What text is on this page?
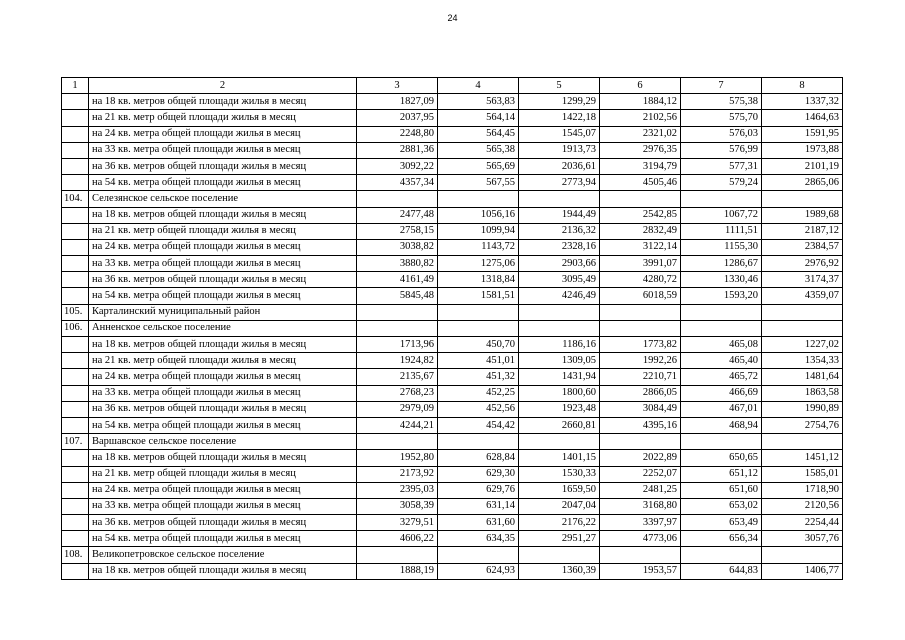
24
1	2	3	4	5	6	7	8
	на 18 кв. метров общей площади жилья в месяц	1827,09	563,83	1299,29	1884,12	575,38	1337,32
	на 21 кв. метр общей площади жилья в месяц	2037,95	564,14	1422,18	2102,56	575,70	1464,63
	на 24 кв. метра общей площади жилья в месяц	2248,80	564,45	1545,07	2321,02	576,03	1591,95
	на 33 кв. метра общей площади жилья в месяц	2881,36	565,38	1913,73	2976,35	576,99	1973,88
	на 36 кв. метров общей площади жилья в месяц	3092,22	565,69	2036,61	3194,79	577,31	2101,19
	на 54 кв. метра общей площади жилья в месяц	4357,34	567,55	2773,94	4505,46	579,24	2865,06
104.	Селезянское сельское поселение						
	на 18 кв. метров общей площади жилья в месяц	2477,48	1056,16	1944,49	2542,85	1067,72	1989,68
	на 21 кв. метр общей площади жилья в месяц	2758,15	1099,94	2136,32	2832,49	1111,51	2187,12
	на 24 кв. метра общей площади жилья в месяц	3038,82	1143,72	2328,16	3122,14	1155,30	2384,57
	на 33 кв. метра общей площади жилья в месяц	3880,82	1275,06	2903,66	3991,07	1286,67	2976,92
	на 36 кв. метров общей площади жилья в месяц	4161,49	1318,84	3095,49	4280,72	1330,46	3174,37
	на 54 кв. метра общей площади жилья в месяц	5845,48	1581,51	4246,49	6018,59	1593,20	4359,07
105.	Карталинский муниципальный район						
106.	Анненское сельское поселение						
	на 18 кв. метров общей площади жилья в месяц	1713,96	450,70	1186,16	1773,82	465,08	1227,02
	на 21 кв. метр общей площади жилья в месяц	1924,82	451,01	1309,05	1992,26	465,40	1354,33
	на 24 кв. метра общей площади жилья в месяц	2135,67	451,32	1431,94	2210,71	465,72	1481,64
	на 33 кв. метра общей площади жилья в месяц	2768,23	452,25	1800,60	2866,05	466,69	1863,58
	на 36 кв. метров общей площади жилья в месяц	2979,09	452,56	1923,48	3084,49	467,01	1990,89
	на 54 кв. метра общей площади жилья в месяц	4244,21	454,42	2660,81	4395,16	468,94	2754,76
107.	Варшавское сельское поселение						
	на 18 кв. метров общей площади жилья в месяц	1952,80	628,84	1401,15	2022,89	650,65	1451,12
	на 21 кв. метр общей площади жилья в месяц	2173,92	629,30	1530,33	2252,07	651,12	1585,01
	на 24 кв. метра общей площади жилья в месяц	2395,03	629,76	1659,50	2481,25	651,60	1718,90
	на 33 кв. метра общей площади жилья в месяц	3058,39	631,14	2047,04	3168,80	653,02	2120,56
	на 36 кв. метров общей площади жилья в месяц	3279,51	631,60	2176,22	3397,97	653,49	2254,44
	на 54 кв. метра общей площади жилья в месяц	4606,22	634,35	2951,27	4773,06	656,34	3057,76
108.	Великопетровское сельское поселение						
	на 18 кв. метров общей площади жилья в месяц	1888,19	624,93	1360,39	1953,57	644,83	1406,77
